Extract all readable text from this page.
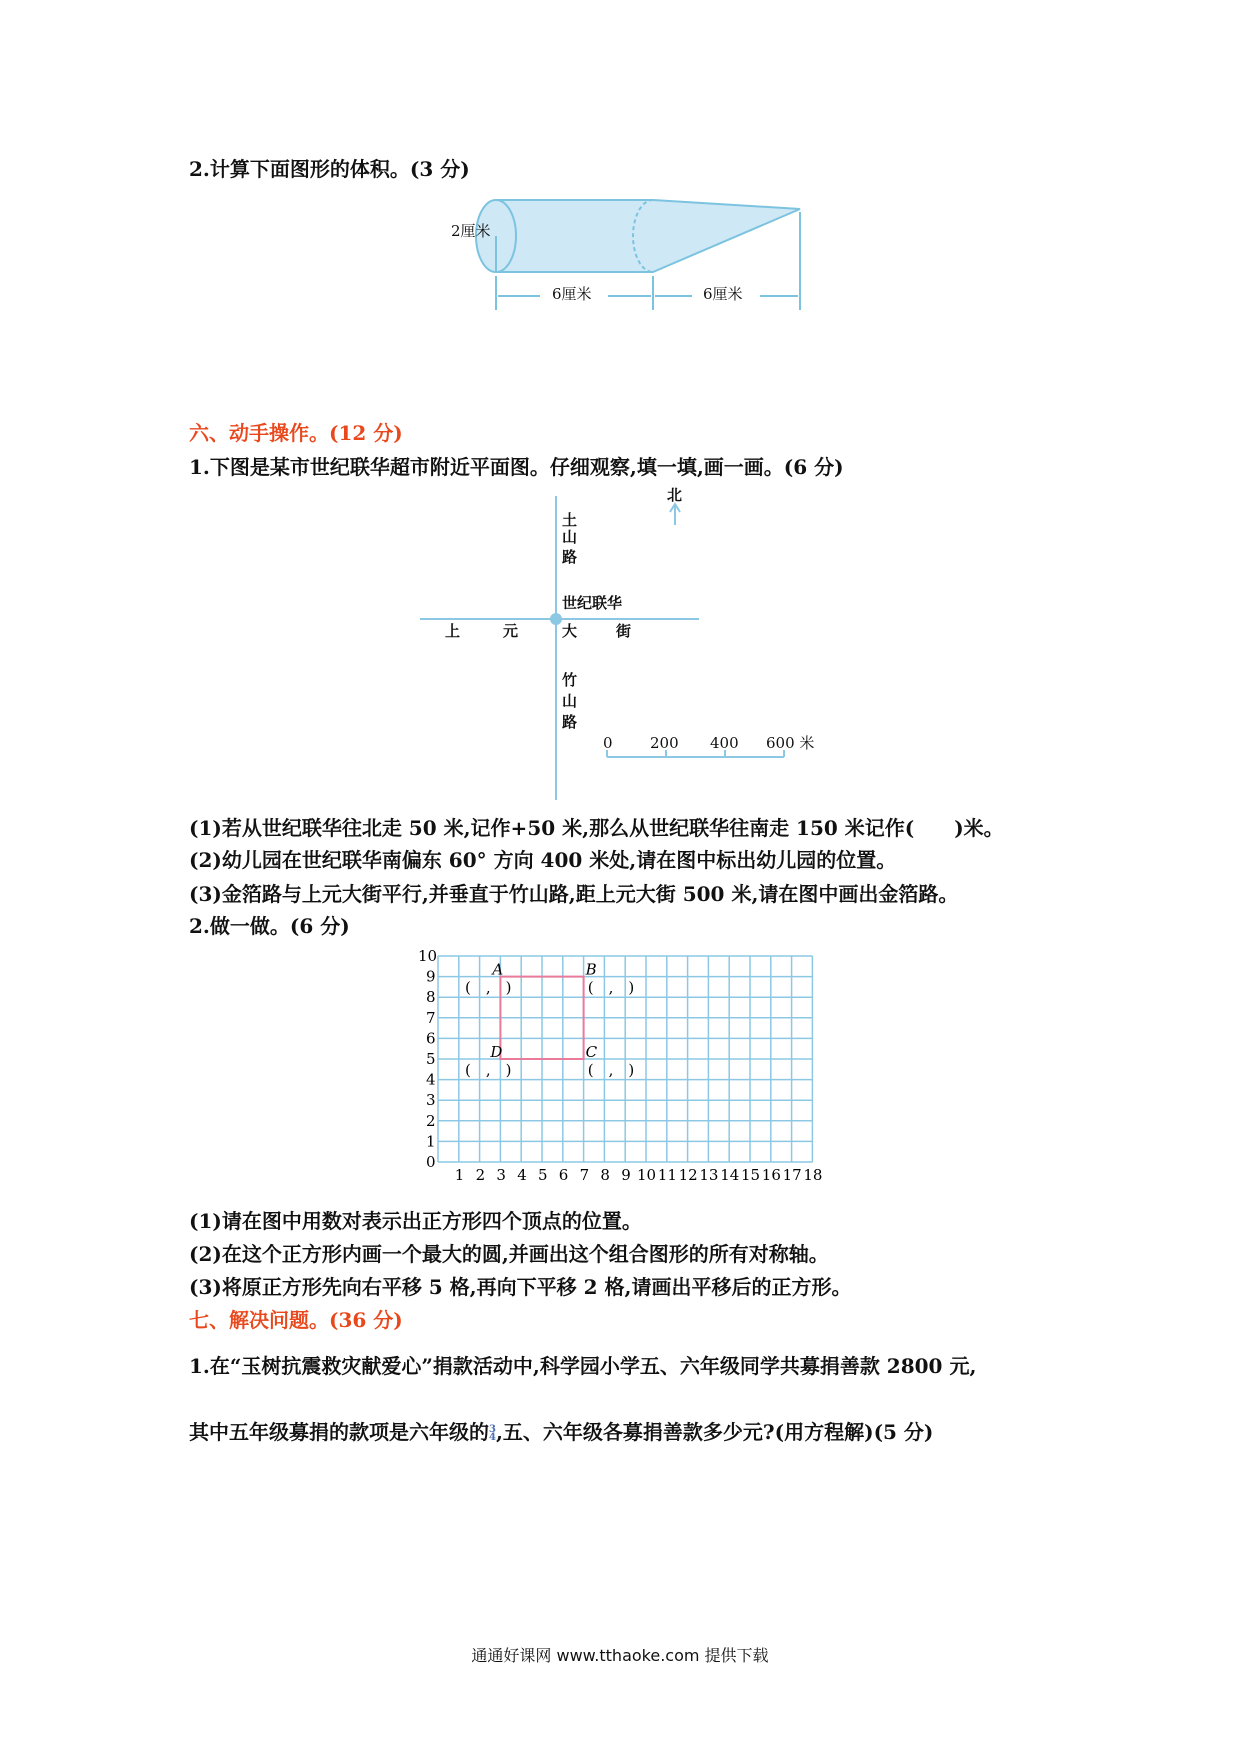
2.计算下面图形的体积。(3 分)
1 2 3 4 5 6 7 8 9 10 11 12 13 14 15 16 17 18
0
1
2
3
4
5
6
7
8
9
10
A
(　,　)
B
(　,　)
C
(　,　)
D
(　,　)
2厘米
6厘米	6厘米
六、动手操作。(12 分)
1.下图是某市世纪联华超市附近平面图。仔细观察,填一填,画一画。(6 分)
北
土
山
路
世纪联华
上	元	大	街
竹
山
路
0 200 400 600 米
(1)若从世纪联华往北走 50 米,记作+50 米,那么从世纪联华往南走 150 米记作(　　)米。
(2)幼儿园在世纪联华南偏东 60° 方向 400 米处,请在图中标出幼儿园的位置。
(3)金箔路与上元大街平行,并垂直于竹山路,距上元大街 500 米,请在图中画出金箔路。
2.做一做。(6 分)
(1)请在图中用数对表示出正方形四个顶点的位置。
(2)在这个正方形内画一个最大的圆,并画出这个组合图形的所有对称轴。
(3)将原正方形先向右平移 5 格,再向下平移 2 格,请画出平移后的正方形。
七、解决问题。(36 分)
1.在“玉树抗震救灾献爱心”捐款活动中,科学园小学五、六年级同学共募捐善款 2800 元,
其中五年级募捐的款项是六年级的3
4,五、六年级各募捐善款多少元?(用方程解)(5 分)
通通好课网 www.tthaoke.com 提供下载
